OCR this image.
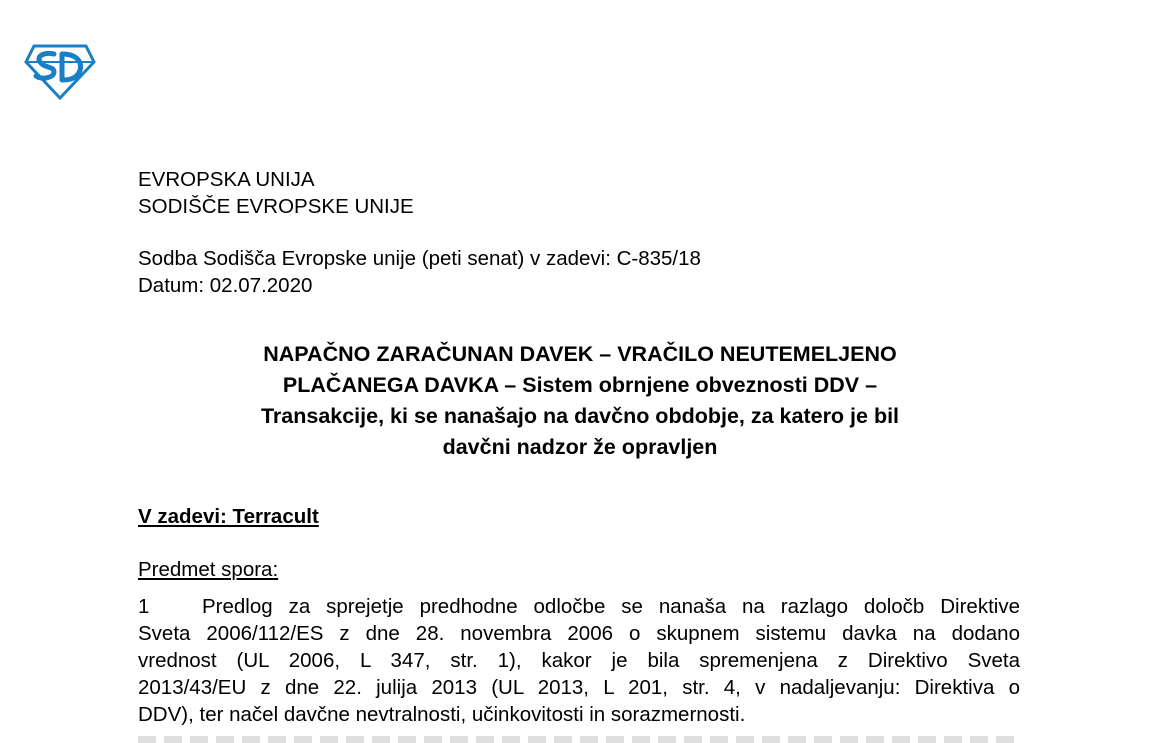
EVROPSKA UNIJA
SODIŠČE EVROPSKE UNIJE
Sodba Sodišča Evropske unije (peti senat) v zadevi: C-835/18
Datum: 02.07.2020
NAPAČNO ZARAČUNAN DAVEK – VRAČILO NEUTEMELJENO
PLAČANEGA DAVKA – Sistem obrnjene obveznosti DDV –
Transakcije, ki se nanašajo na davčno obdobje, za katero je bil
davčni nadzor že opravljen
V zadevi: Terracult
Predmet spora:
1	Predlog za sprejetje predhodne odločbe se nanaša na razlago določb Direktive
Sveta 2006/112/ES z dne 28. novembra 2006 o skupnem sistemu davka na dodano
vrednost (UL 2006, L 347, str. 1), kakor je bila spremenjena z Direktivo Sveta
2013/43/EU z dne 22. julija 2013 (UL 2013, L 201, str. 4, v nadaljevanju: Direktiva o
DDV), ter načel davčne nevtralnosti, učinkovitosti in sorazmernosti.
